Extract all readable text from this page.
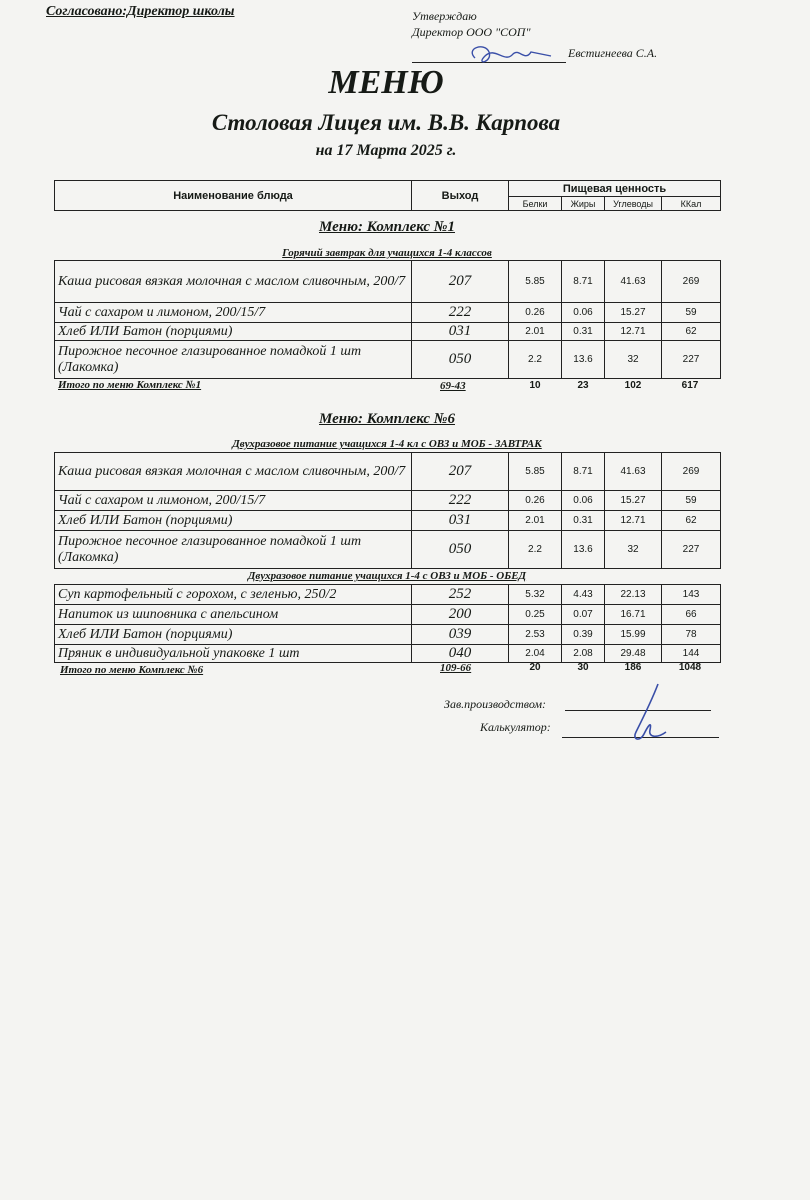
Согласовано:Директор школы	Утверждаю
Директор ООО "СОП"
Евстигнеева С.А.
МЕНЮ
Столовая Лицея им. В.В. Карпова
на 17 Марта 2025 г.
Наименование блюда	Выход	Пищевая ценность			
		Белки	Жиры	Углеводы	ККал
Меню: Комплекс №1
Горячий завтрак для учащихся 1-4 классов
Каша рисовая вязкая молочная с маслом сливочным, 200/7	207	5.85	8.71	41.63	269
Чай с сахаром и лимоном, 200/15/7	222	0.26	0.06	15.27	59
Хлеб ИЛИ Батон (порциями)	031	2.01	0.31	12.71	62
Пирожное песочное глазированное помадкой 1 шт (Лакомка)	050	2.2	13.6	32	227
Итого по меню Комплекс №1	69-43	10	23	102	617
Меню: Комплекс №6
Двухразовое питание учащихся 1-4 кл с ОВЗ и МОБ - ЗАВТРАК
Каша рисовая вязкая молочная с маслом сливочным, 200/7	207	5.85	8.71	41.63	269
Чай с сахаром и лимоном, 200/15/7	222	0.26	0.06	15.27	59
Хлеб ИЛИ Батон (порциями)	031	2.01	0.31	12.71	62
Пирожное песочное глазированное помадкой 1 шт (Лакомка)	050	2.2	13.6	32	227
Двухразовое питание учащихся 1-4 с ОВЗ и МОБ - ОБЕД
Суп картофельный с горохом, с зеленью, 250/2	252	5.32	4.43	22.13	143
Напиток из шиповника с апельсином	200	0.25	0.07	16.71	66
Хлеб ИЛИ Батон (порциями)	039	2.53	0.39	15.99	78
Пряник в индивидуальной упаковке 1 шт	040	2.04	2.08	29.48	144
Итого по меню Комплекс №6	109-66	20	30	186	1048
Зав.производством:
Калькулятор:
